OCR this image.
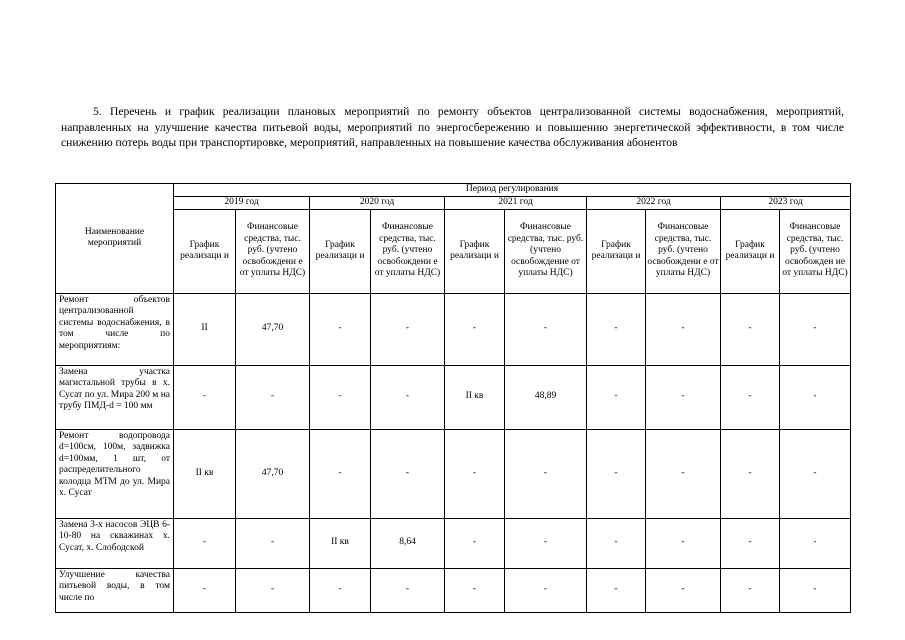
5. Перечень и график реализации плановых мероприятий по ремонту объектов централизованной системы водоснабжения, мероприятий, направленных на улучшение качества питьевой воды, мероприятий по энергосбережению и повышению энергетической эффективности, в том числе снижению потерь воды при транспортировке, мероприятий, направленных на повышение качества обслуживания абонентов
Наименование мероприятий	Период регулирования									
	2019 год		2020 год		2021 год		2022 год		2023 год	
	График реализаци и	Финансовые средства, тыс. руб. (учтено освобождени е от уплаты НДС)	График реализаци и	Финансовые средства, тыс. руб. (учтено освобождени е от уплаты НДС)	График реализаци и	Финансовые средства, тыс. руб. (учтено освобождение от уплаты НДС)	График реализаци и	Финансовые средства, тыс. руб. (учтено освобождени е от уплаты НДС)	График реализаци и	Финансовые средства, тыс. руб. (учтено освобожден ие от уплаты НДС)
Ремонт объектов централизованной системы водоснабжения, в том числе по мероприятиям:	II	47,70	-	-	-	-	-	-	-	-
Замена участка магистальной трубы в х. Сусат по ул. Мира 200 м на трубу ПМД-d = 100 мм	-	-	-	-	II кв	48,89	-	-	-	-
Ремонт водопровода d=100см, 100м, задвижка d=100мм, 1 шт, от распределительного колодца МТМ до ул. Мира х. Сусат	II кв	47,70	-	-	-	-	-	-	-	-
Замена 3-х насосов ЭЦВ 6-10-80 на скважинах х. Сусат, х. Слободской	-	-	II кв	8,64	-	-	-	-	-	-
Улучшение качества питьевой воды, в том числе по	-	-	-	-	-	-	-	-	-	-
